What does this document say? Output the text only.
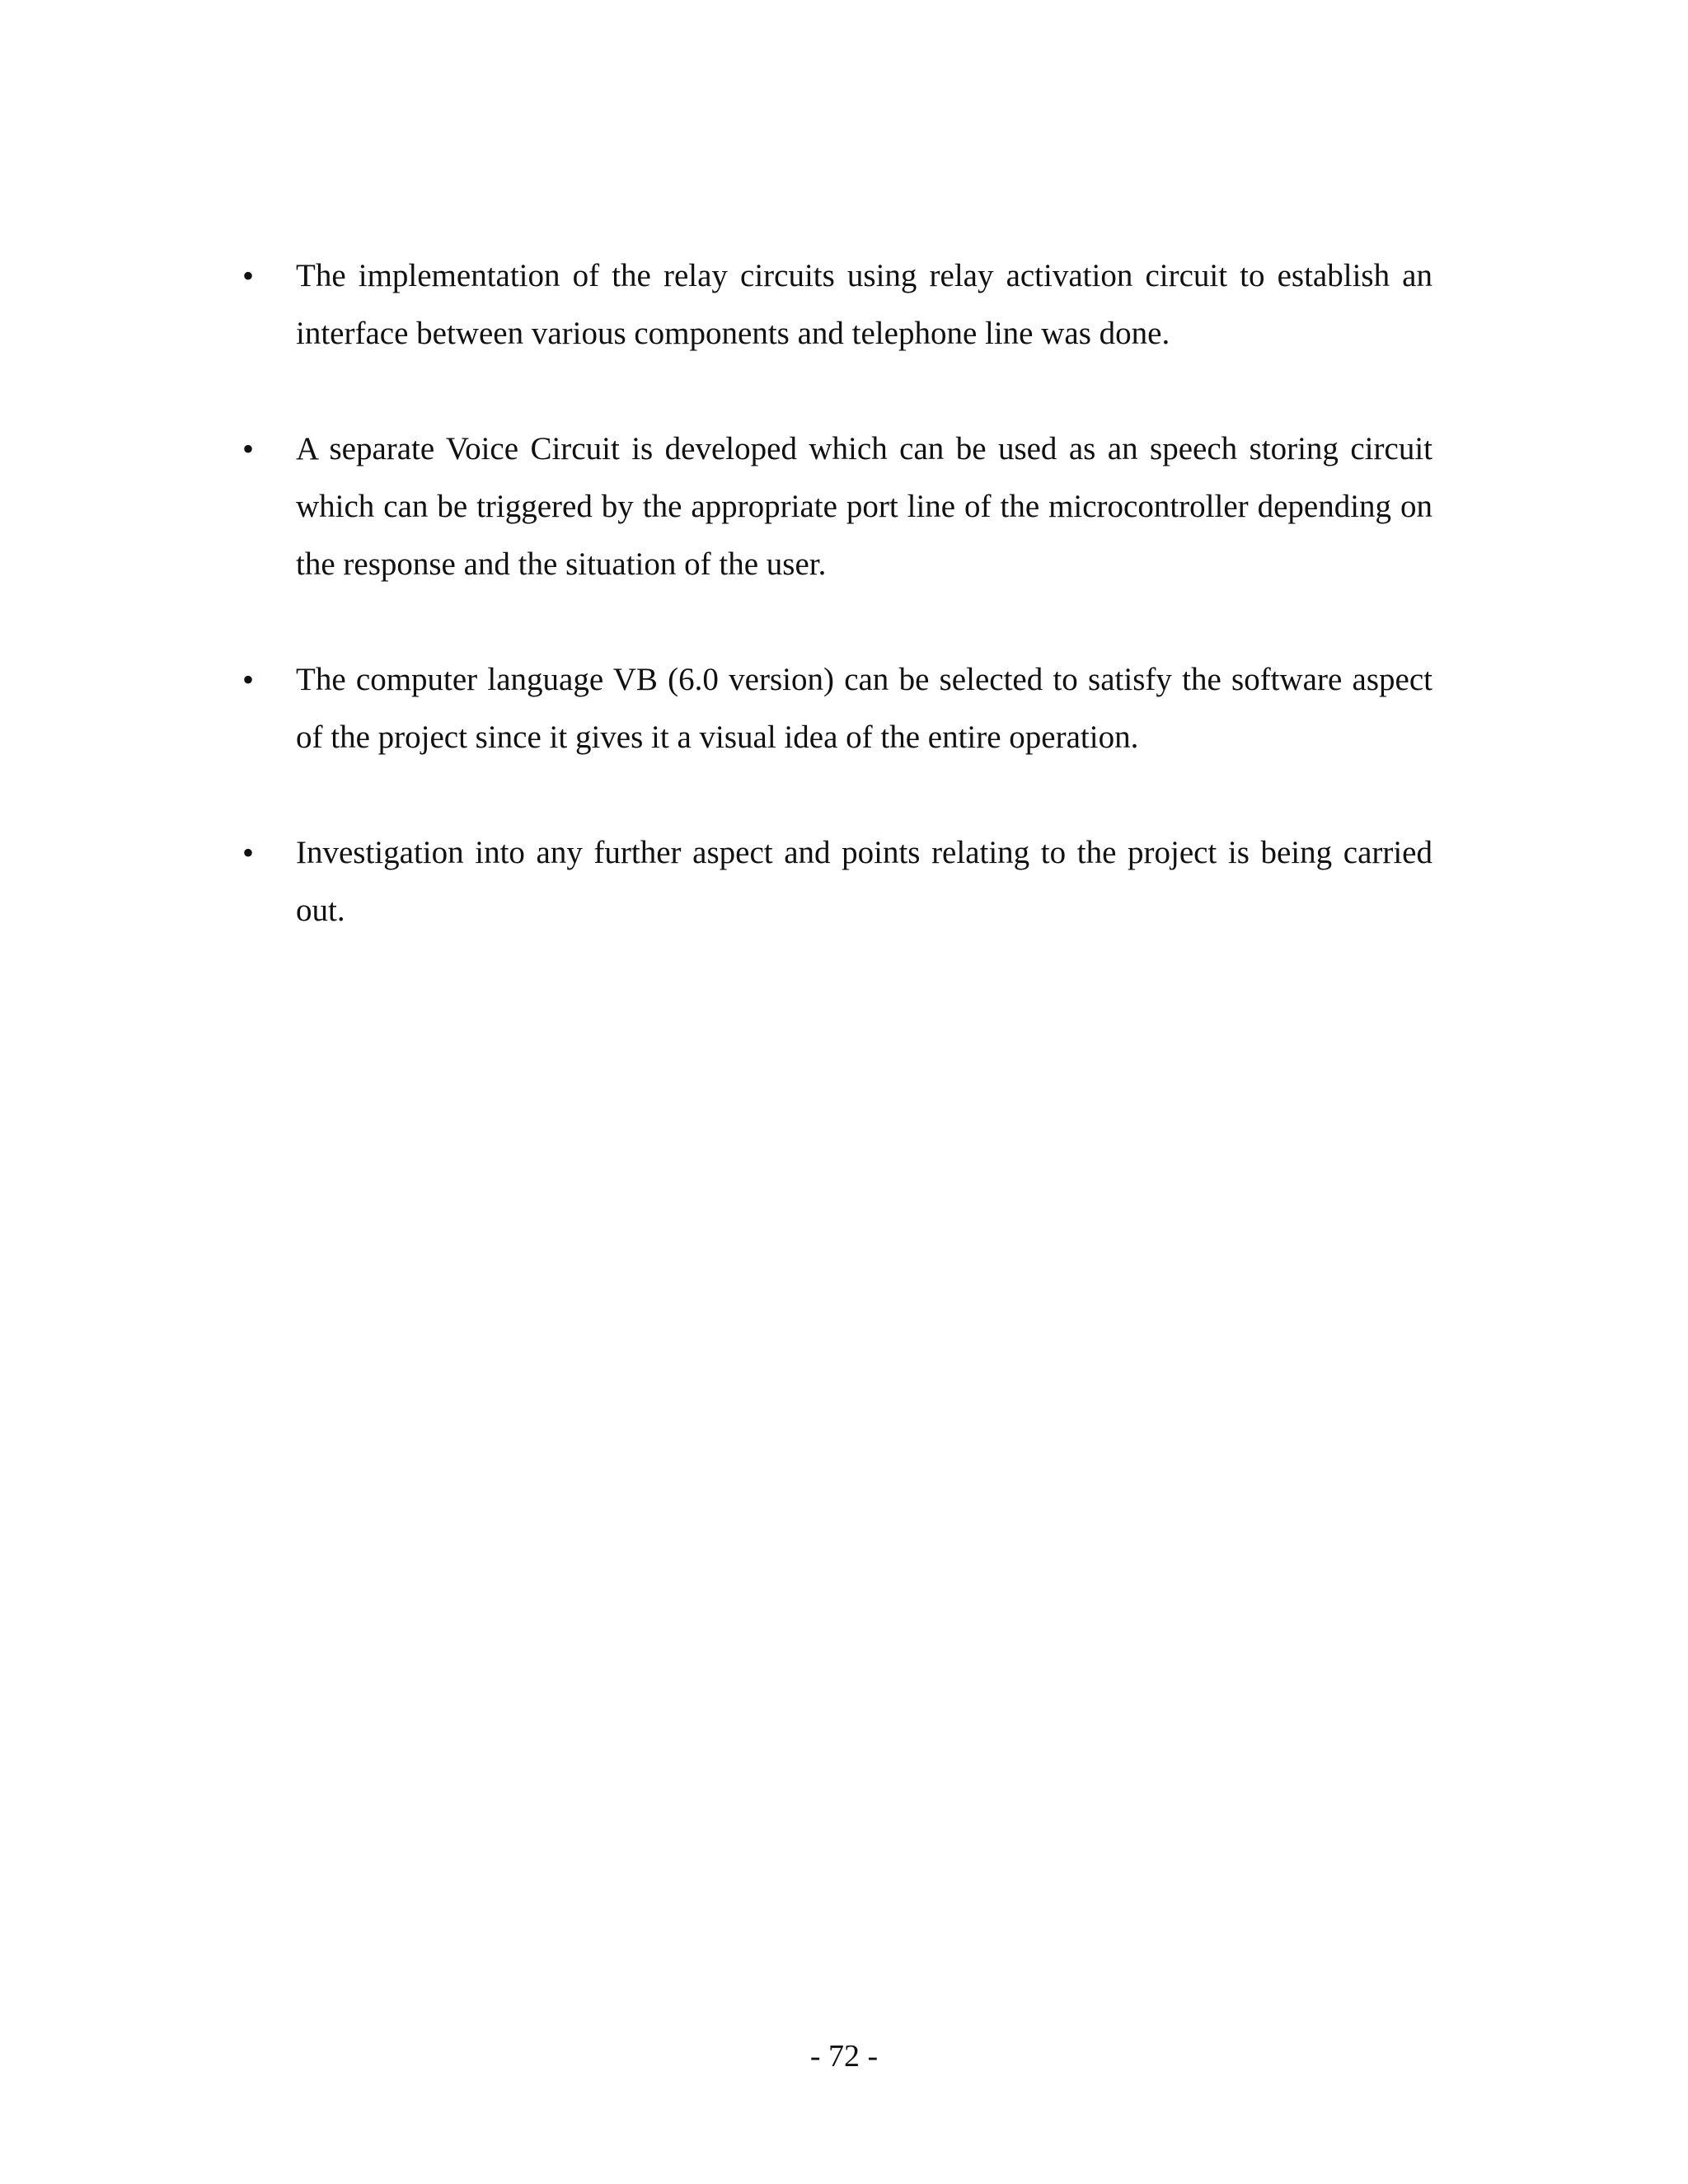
•	The implementation of the relay circuits using relay activation circuit to establish an interface between various components and telephone line was done.
•	A separate Voice Circuit is developed which can be used as an speech storing circuit which can be triggered by the appropriate port line of the microcontroller depending on the response and the situation of the user.
•	The computer language VB (6.0 version) can be selected to satisfy the software aspect of the project since it gives it a visual idea of the entire operation.
•	Investigation into any further aspect and points relating to the project is being carried out.
- 72 -
